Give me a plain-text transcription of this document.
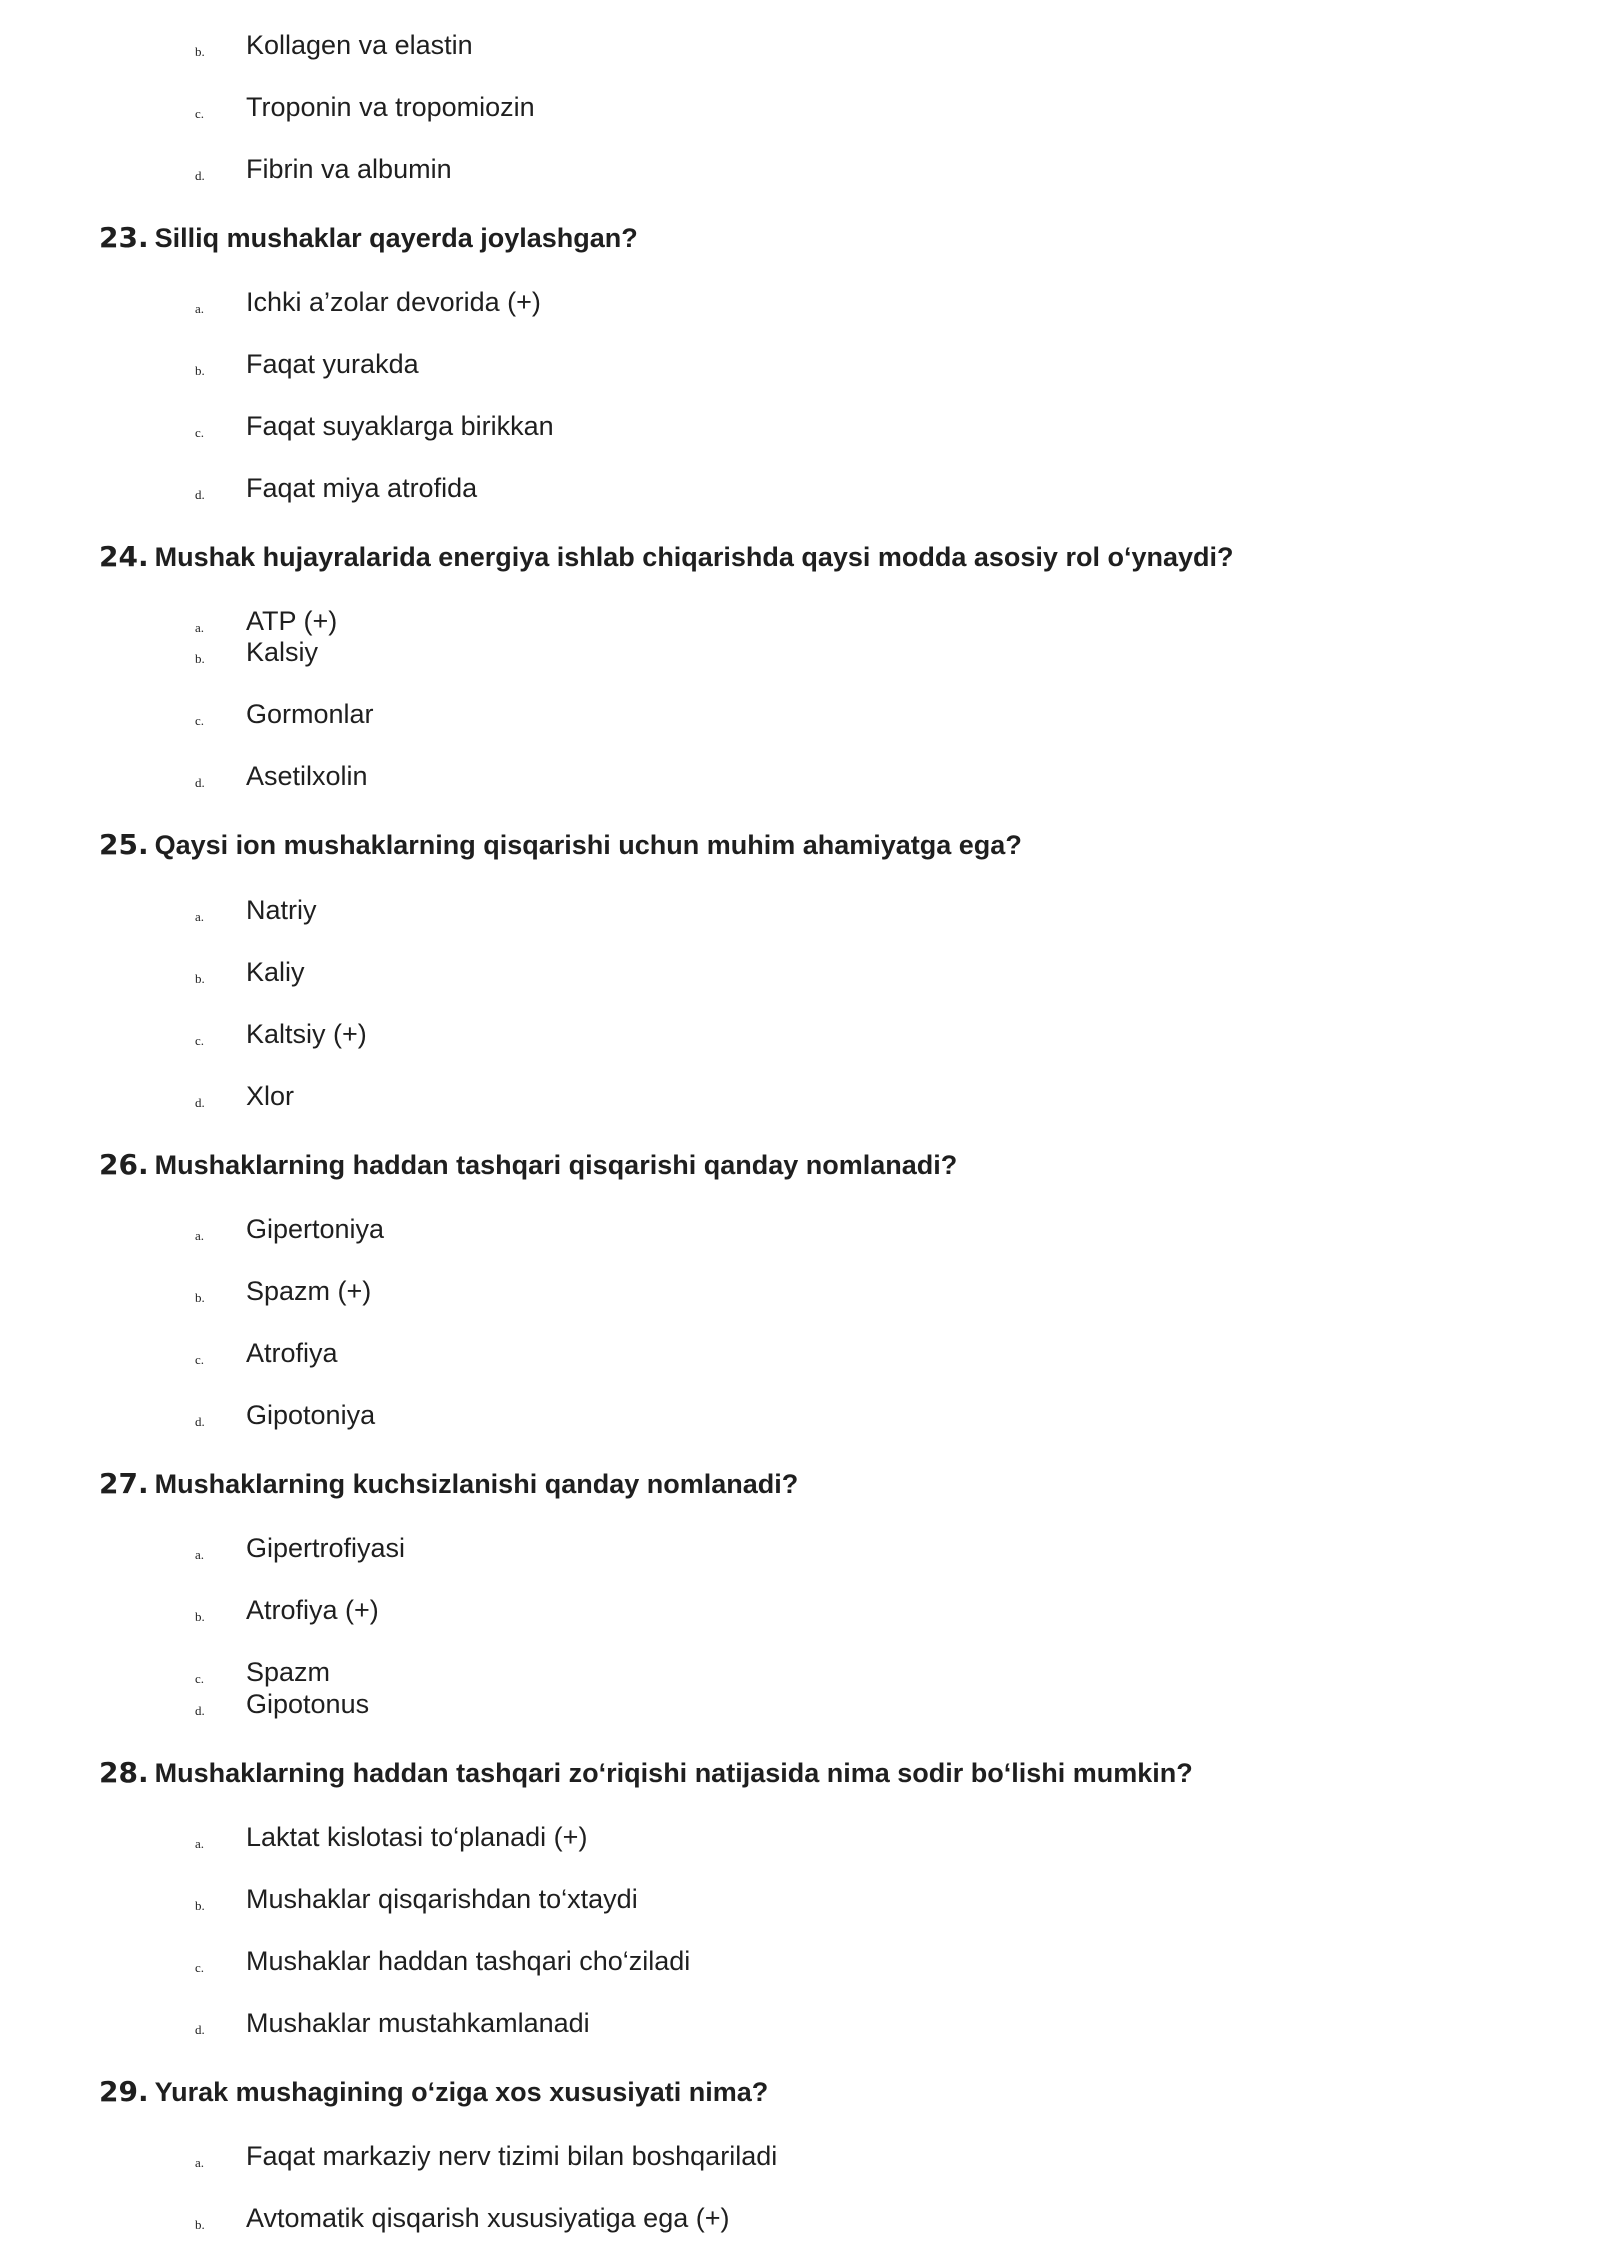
b. Kollagen va elastin
c. Troponin va tropomiozin
d. Fibrin va albumin
23. Silliq mushaklar qayerda joylashgan?
a. Ichki a’zolar devorida (+)
b. Faqat yurakda
c. Faqat suyaklarga birikkan
d. Faqat miya atrofida
24. Mushak hujayralarida energiya ishlab chiqarishda qaysi modda asosiy rol o‘ynaydi?
a. ATP (+)
b. Kalsiy
c. Gormonlar
d. Asetilxolin
25. Qaysi ion mushaklarning qisqarishi uchun muhim ahamiyatga ega?
a. Natriy
b. Kaliy
c. Kaltsiy (+)
d. Xlor
26. Mushaklarning haddan tashqari qisqarishi qanday nomlanadi?
a. Gipertoniya
b. Spazm (+)
c. Atrofiya
d. Gipotoniya
27. Mushaklarning kuchsizlanishi qanday nomlanadi?
a. Gipertrofiyasi
b. Atrofiya (+)
c. Spazm
d. Gipotonus
28. Mushaklarning haddan tashqari zo‘riqishi natijasida nima sodir bo‘lishi mumkin?
a. Laktat kislotasi to‘planadi (+)
b. Mushaklar qisqarishdan to‘xtaydi
c. Mushaklar haddan tashqari cho‘ziladi
d. Mushaklar mustahkamlanadi
29. Yurak mushagining o‘ziga xos xususiyati nima?
a. Faqat markaziy nerv tizimi bilan boshqariladi
b. Avtomatik qisqarish xususiyatiga ega (+)
